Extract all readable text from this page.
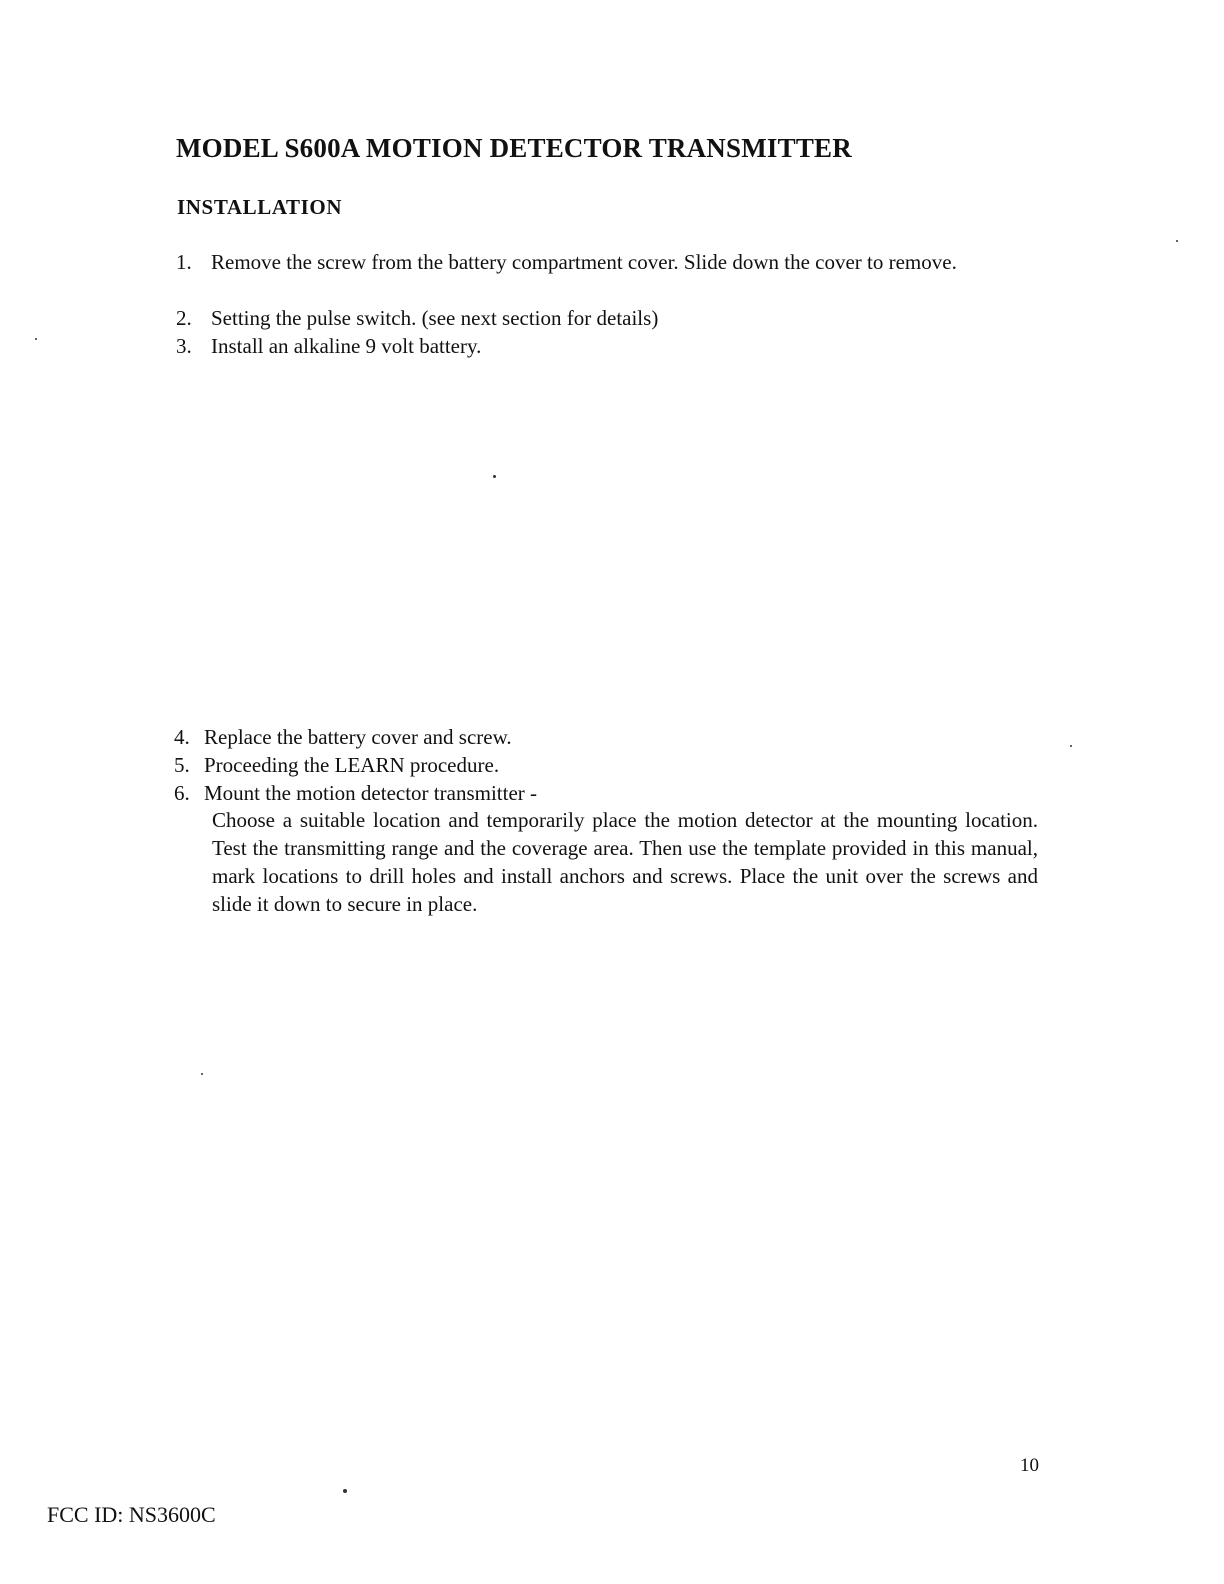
MODEL S600A MOTION DETECTOR TRANSMITTER
INSTALLATION
1. Remove the screw from the battery compartment cover. Slide down the cover to remove.
2. Setting the pulse switch. (see next section for details)
3. Install an alkaline 9 volt battery.
4. Replace the battery cover and screw.
5. Proceeding the LEARN procedure.
6. Mount the motion detector transmitter -
Choose a suitable location and temporarily place the motion detector at the mounting location. Test the transmitting range and the coverage area. Then use the template provided in this manual, mark locations to drill holes and install anchors and screws. Place the unit over the screws and slide it down to secure in place.
10
FCC ID: NS3600C
